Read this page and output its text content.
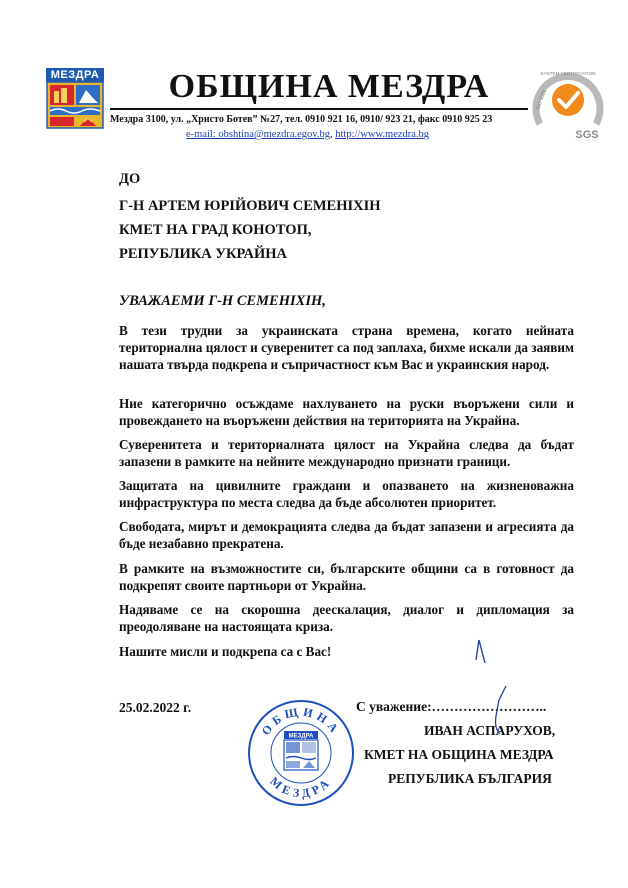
МЕЗДРА ОБЩИНА МЕЗДРА
Мездра 3100, ул. „Христо Ботев” №27, тел. 0910 921 16, 0910/ 923 21, факс 0910 925 23
e-mail: obshtina@mezdra.egov.bg, http://www.mezdra.bg
SYSTEM CERTIFICATION
ISO 9001
SGS
ДО
Г-Н АРТЕМ ЮРІЙОВИЧ СЕМЕНІХІН
КМЕТ НА ГРАД КОНОТОП,
РЕПУБЛИКА УКРАЙНА
УВАЖАЕМИ Г-Н СЕМЕНІХІН,
В тези трудни за украинската страна времена, когато нейната териториална цялост и суверенитет са под заплаха, бихме искали да заявим нашата твърда подкрепа и съпричастност към Вас и украинския народ.
Ние категорично осъждаме нахлуването на руски въоръжени сили и провеждането на въоръжени действия на територията на Украйна.
Суверенитета и териториалната цялост на Украйна следва да бъдат запазени в рамките на нейните международно признати граници.
Защитата на цивилните граждани и опазването на жизненоважна инфраструктура по места следва да бъде абсолютен приоритет.
Свободата, мирът и демокрацията следва да бъдат запазени и агресията да бъде незабавно прекратена.
В рамките на възможностите си, българските общини са в готовност да подкрепят своите партньори от Украйна.
Надяваме се на скорошна деескалация, диалог и дипломация за преодоляване на настоящата криза.
Нашите мисли и подкрепа са с Вас!
25.02.2022 г.	С уважение:……………………..
ИВАН АСПАРУХОВ,
КМЕТ НА ОБЩИНА МЕЗДРА
РЕПУБЛИКА БЪЛГАРИЯ
ОБЩИНА
МЕЗДРА
МЕЗДРА
